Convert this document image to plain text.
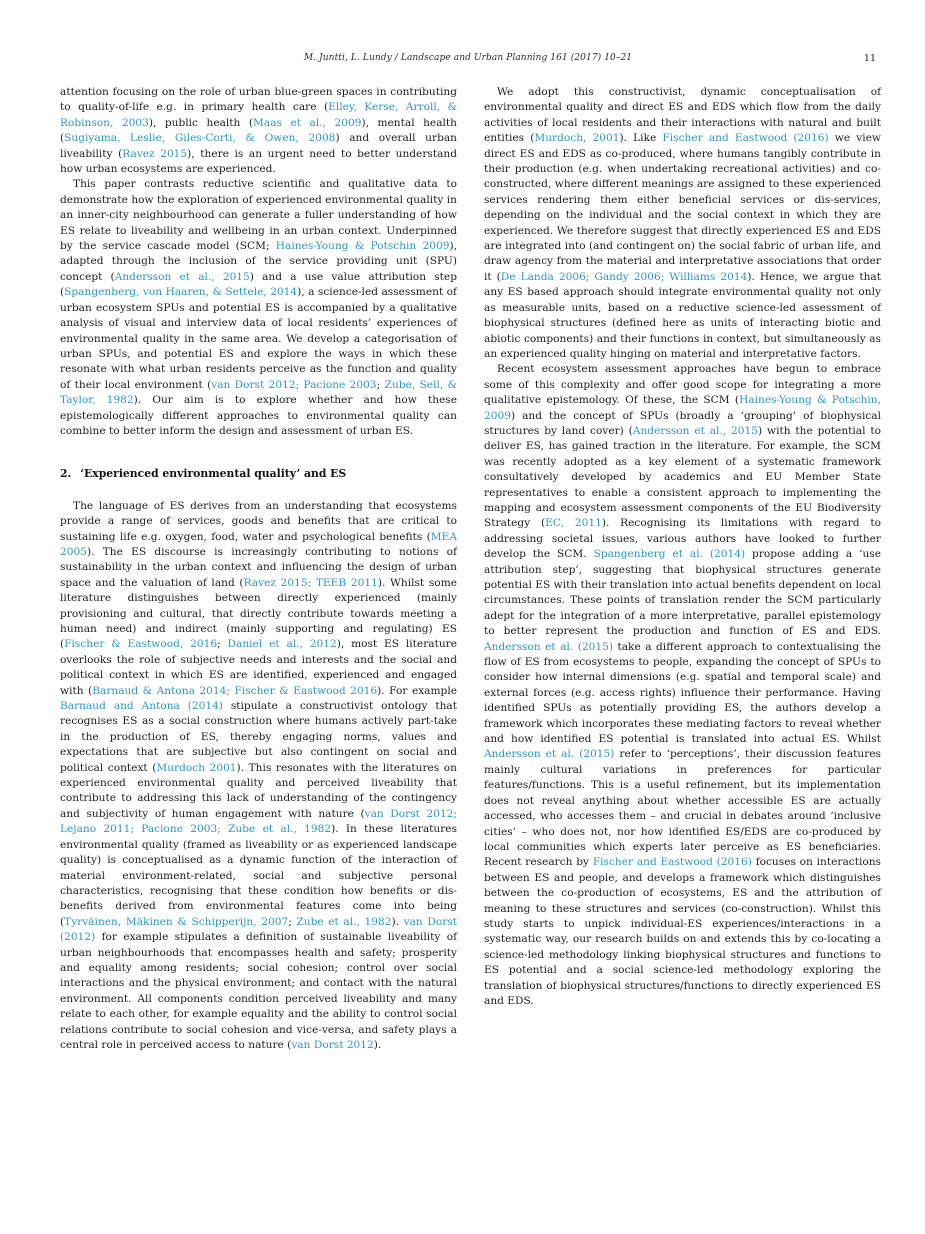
M. Juntti, L. Lundy / Landscape and Urban Planning 161 (2017) 10–21	11

attention focusing on the role of urban blue-green spaces in contributing to quality-of-life e.g. in primary health care (Elley, Kerse, Arroll, & Robinson, 2003), public health (Maas et al., 2009), mental health (Sugiyama, Leslie, Giles-Corti, & Owen, 2008) and overall urban liveability (Ravez 2015), there is an urgent need to better understand how urban ecosystems are experienced.

This paper contrasts reductive scientific and qualitative data to demonstrate how the exploration of experienced environmental quality in an inner-city neighbourhood can generate a fuller understanding of how ES relate to liveability and wellbeing in an urban context. Underpinned by the service cascade model (SCM; Haines-Young & Potschin 2009), adapted through the inclusion of the service providing unit (SPU) concept (Andersson et al., 2015) and a use value attribution step (Spangenberg, von Haaren, & Settele, 2014), a science-led assessment of urban ecosystem SPUs and potential ES is accompanied by a qualitative analysis of visual and interview data of local residents’ experiences of environmental quality in the same area. We develop a categorisation of urban SPUs, and potential ES and explore the ways in which these resonate with what urban residents perceive as the function and quality of their local environment (van Dorst 2012; Pacione 2003; Zube, Sell, & Taylor, 1982). Our aim is to explore whether and how these epistemologically different approaches to environmental quality can combine to better inform the design and assessment of urban ES.

2. ‘Experienced environmental quality’ and ES

The language of ES derives from an understanding that ecosystems provide a range of services, goods and benefits that are critical to sustaining life e.g. oxygen, food, water and psychological benefits (MEA 2005). The ES discourse is increasingly contributing to notions of sustainability in the urban context and influencing the design of urban space and the valuation of land (Ravez 2015; TEEB 2011). Whilst some literature distinguishes between directly experienced (mainly provisioning and cultural, that directly contribute towards meeting a human need) and indirect (mainly supporting and regulating) ES (Fischer & Eastwood, 2016; Daniel et al., 2012), most ES literature overlooks the role of subjective needs and interests and the social and political context in which ES are identified, experienced and engaged with (Barnaud & Antona 2014; Fischer & Eastwood 2016). For example Barnaud and Antona (2014) stipulate a constructivist ontology that recognises ES as a social construction where humans actively part-take in the production of ES, thereby engaging norms, values and expectations that are subjective but also contingent on social and political context (Murdoch 2001). This resonates with the literatures on experienced environmental quality and perceived liveability that contribute to addressing this lack of understanding of the contingency and subjectivity of human engagement with nature (van Dorst 2012; Lejano 2011; Pacione 2003; Zube et al., 1982). In these literatures environmental quality (framed as liveability or as experienced landscape quality) is conceptualised as a dynamic function of the interaction of material environment-related, social and subjective personal characteristics, recognising that these condition how benefits or dis-benefits derived from environmental features come into being (Tyrväinen, Mäkinen & Schipperijn, 2007; Zube et al., 1982). van Dorst (2012) for example stipulates a definition of sustainable liveability of urban neighbourhoods that encompasses health and safety; prosperity and equality among residents; social cohesion; control over social interactions and the physical environment; and contact with the natural environment. All components condition perceived liveability and many relate to each other, for example equality and the ability to control social relations contribute to social cohesion and vice-versa, and safety plays a central role in perceived access to nature (van Dorst 2012).

We adopt this constructivist, dynamic conceptualisation of environmental quality and direct ES and EDS which flow from the daily activities of local residents and their interactions with natural and built entities (Murdoch, 2001). Like Fischer and Eastwood (2016) we view direct ES and EDS as co-produced, where humans tangibly contribute in their production (e.g. when undertaking recreational activities) and co-constructed, where different meanings are assigned to these experienced services rendering them either beneficial services or dis-services, depending on the individual and the social context in which they are experienced. We therefore suggest that directly experienced ES and EDS are integrated into (and contingent on) the social fabric of urban life, and draw agency from the material and interpretative associations that order it (De Landa 2006; Gandy 2006; Williams 2014). Hence, we argue that any ES based approach should integrate environmental quality not only as measurable units, based on a reductive science-led assessment of biophysical structures (defined here as units of interacting biotic and abiotic components) and their functions in context, but simultaneously as an experienced quality hinging on material and interpretative factors.

Recent ecosystem assessment approaches have begun to embrace some of this complexity and offer good scope for integrating a more qualitative epistemology. Of these, the SCM (Haines-Young & Potschin, 2009) and the concept of SPUs (broadly a ‘grouping’ of biophysical structures by land cover) (Andersson et al., 2015) with the potential to deliver ES, has gained traction in the literature. For example, the SCM was recently adopted as a key element of a systematic framework consultatively developed by academics and EU Member State representatives to enable a consistent approach to implementing the mapping and ecosystem assessment components of the EU Biodiversity Strategy (EC, 2011). Recognising its limitations with regard to addressing societal issues, various authors have looked to further develop the SCM. Spangenberg et al. (2014) propose adding a ‘use attribution step’, suggesting that biophysical structures generate potential ES with their translation into actual benefits dependent on local circumstances. These points of translation render the SCM particularly adept for the integration of a more interpretative, parallel epistemology to better represent the production and function of ES and EDS. Andersson et al. (2015) take a different approach to contextualising the flow of ES from ecosystems to people, expanding the concept of SPUs to consider how internal dimensions (e.g. spatial and temporal scale) and external forces (e.g. access rights) influence their performance. Having identified SPUs as potentially providing ES, the authors develop a framework which incorporates these mediating factors to reveal whether and how identified ES potential is translated into actual ES. Whilst Andersson et al. (2015) refer to ‘perceptions’, their discussion features mainly cultural variations in preferences for particular features/functions. This is a useful refinement, but its implementation does not reveal anything about whether accessible ES are actually accessed, who accesses them – and crucial in debates around ‘inclusive cities’ – who does not, nor how identified ES/EDS are co-produced by local communities which experts later perceive as ES beneficiaries. Recent research by Fischer and Eastwood (2016) focuses on interactions between ES and people, and develops a framework which distinguishes between the co-production of ecosystems, ES and the attribution of meaning to these structures and services (co-construction). Whilst this study starts to unpick individual-ES experiences/interactions in a systematic way, our research builds on and extends this by co-locating a science-led methodology linking biophysical structures and functions to ES potential and a social science-led methodology exploring the translation of biophysical structures/functions to directly experienced ES and EDS.
